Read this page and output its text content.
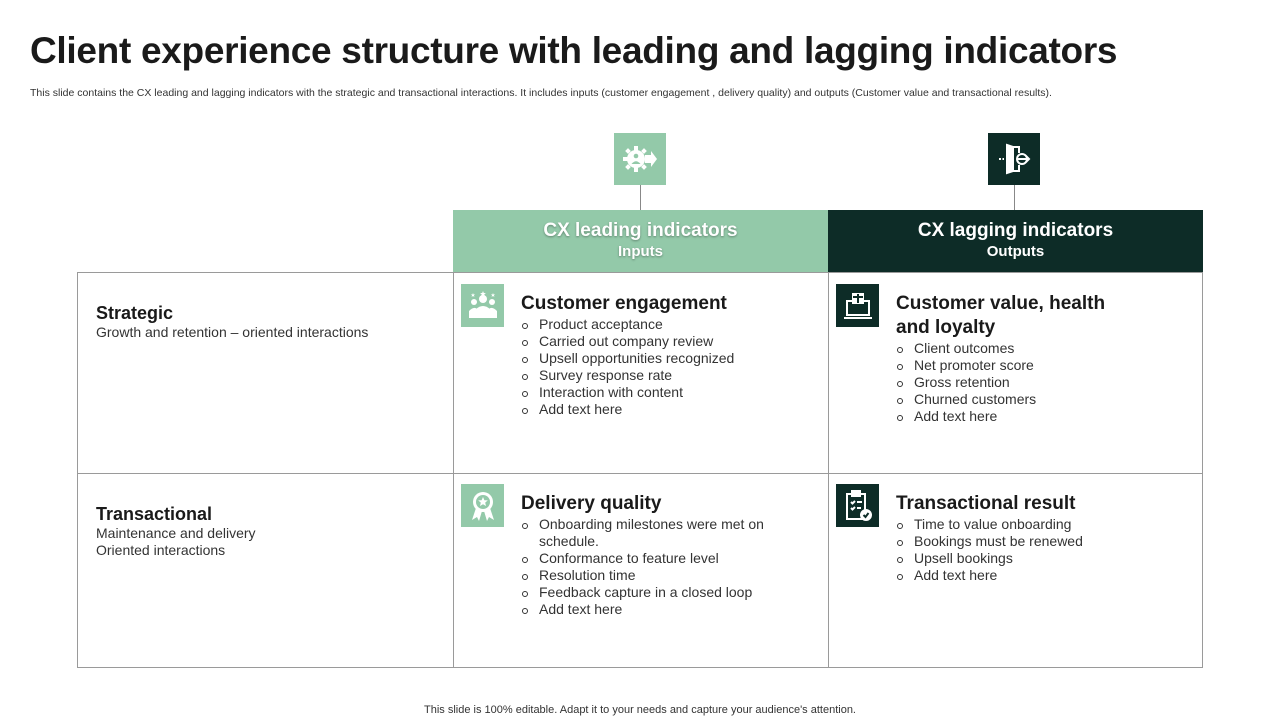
Client experience structure with leading and lagging indicators
This slide contains the CX leading and lagging indicators with the strategic and transactional interactions. It includes inputs (customer engagement , delivery quality) and outputs (Customer value and transactional results).
CX leading indicators
Inputs
CX lagging indicators
Outputs
Strategic
Growth and retention – oriented interactions
Transactional
Maintenance and delivery
Oriented interactions
Customer engagement
Product acceptance
Carried out company review
Upsell opportunities recognized
Survey response rate
Interaction with content
Add text here
Customer value, health
and loyalty
Client outcomes
Net promoter score
Gross retention
Churned customers
Add text here
Delivery quality
Onboarding milestones were met on schedule.
Conformance to feature level
Resolution time
Feedback capture in a closed loop
Add text here
Transactional result
Time to value onboarding
Bookings must be renewed
Upsell bookings
Add text here
This slide is 100% editable. Adapt it to your needs and capture your audience's attention.
